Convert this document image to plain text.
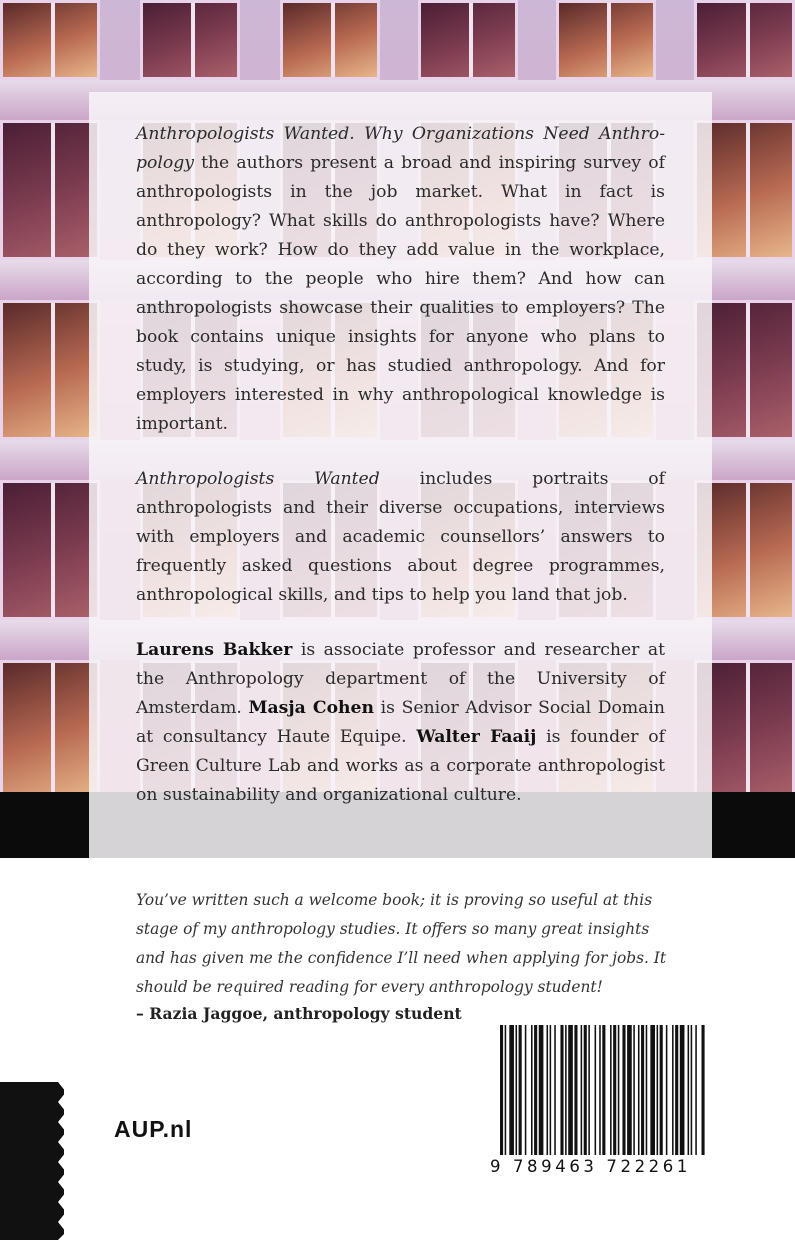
Anthropologists Wanted. Why Organizations Need Anthropology the authors present a broad and inspiring survey of anthropologists in the job market. What in fact is anthropology? What skills do anthropologists have? Where do they work? How do they add value in the workplace, according to the people who hire them? And how can anthropologists showcase their qualities to employers? The book contains unique insights for anyone who plans to study, is studying, or has studied anthropology. And for employers interested in why anthropological knowledge is important.

Anthropologists Wanted includes portraits of anthropologists and their diverse occupations, interviews with employers and academic counsellors’ answers to frequently asked questions about degree programmes, anthropological skills, and tips to help you land that job.

Laurens Bakker is associate professor and researcher at the Anthropology department of the University of Amsterdam. Masja Cohen is Senior Advisor Social Domain at consultancy Haute Equipe. Walter Faaij is founder of Green Culture Lab and works as a corporate anthropologist on sustainability and organizational culture.

You’ve written such a welcome book; it is proving so useful at this stage of my anthropology studies. It offers so many great insights and has given me the confidence I’ll need when applying for jobs. It should be required reading for every anthropology student!

– Razia Jaggoe, anthropology student

AUP.nl
9 789463 722261
